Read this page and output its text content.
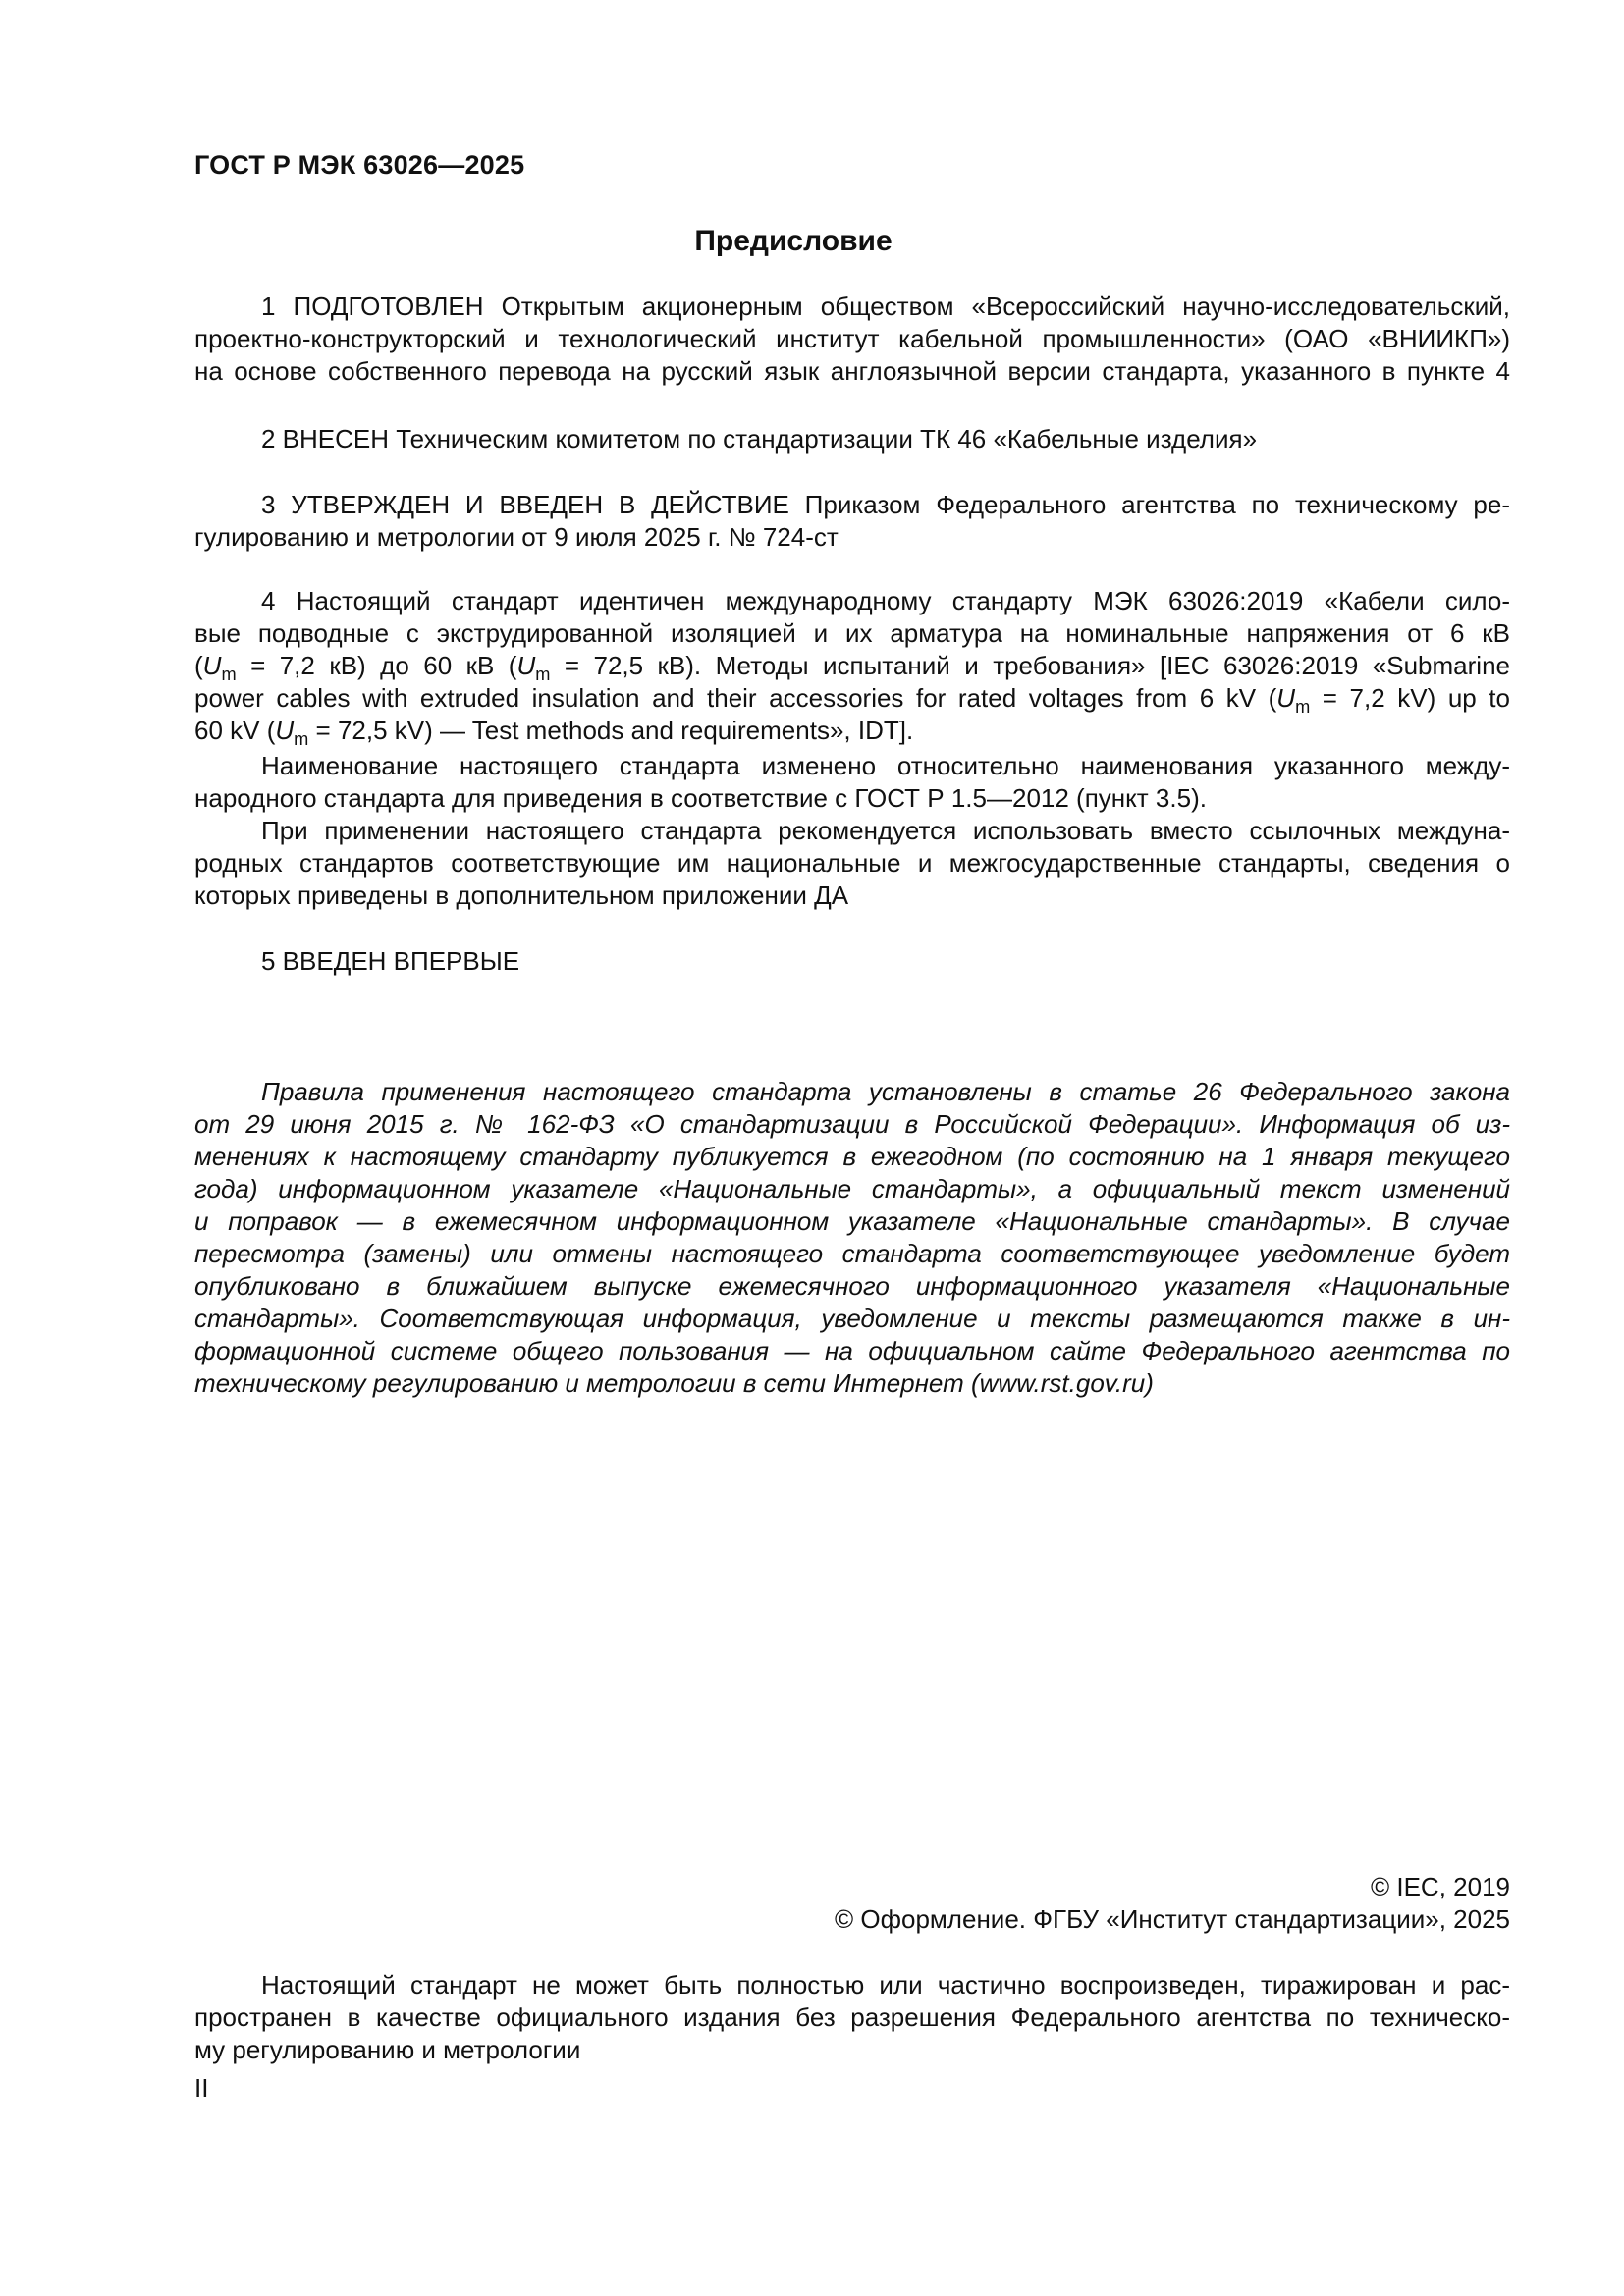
ГОСТ Р МЭК 63026—2025
Предисловие
1 ПОДГОТОВЛЕН Открытым акционерным обществом «Всероссийский научно-исследовательский,
проектно-конструкторский и технологический институт кабельной промышленности» (ОАО «ВНИИКП»)
на основе собственного перевода на русский язык англоязычной версии стандарта, указанного в пункте 4
2 ВНЕСЕН Техническим комитетом по стандартизации ТК 46 «Кабельные изделия»
3 УТВЕРЖДЕН И ВВЕДЕН В ДЕЙСТВИЕ Приказом Федерального агентства по техническому ре-
гулированию и метрологии от 9 июля 2025 г. № 724-ст
4 Настоящий стандарт идентичен международному стандарту МЭК 63026:2019 «Кабели сило-
вые подводные с экструдированной изоляцией и их арматура на номинальные напряжения от 6 кВ
($U_m = 7,2$ кВ) до 60 кВ ($U_m = 72,5$ кВ). Методы испытаний и требования» [IEC 63026:2019 «Submarine
power cables with extruded insulation and their accessories for rated voltages from 6 kV ($U_m = 7,2$ kV) up to
60 kV ($U_m = 72,5$ kV) — Test methods and requirements», IDT].
Наименование настоящего стандарта изменено относительно наименования указанного между-
народного стандарта для приведения в соответствие с ГОСТ Р 1.5—2012 (пункт 3.5).
При применении настоящего стандарта рекомендуется использовать вместо ссылочных междуна-
родных стандартов соответствующие им национальные и межгосударственные стандарты, сведения о
которых приведены в дополнительном приложении ДА
5 ВВЕДЕН ВПЕРВЫЕ
Правила применения настоящего стандарта установлены в статье 26 Федерального закона
от 29 июня 2015 г. № 162-ФЗ «О стандартизации в Российской Федерации». Информация об из-
менениях к настоящему стандарту публикуется в ежегодном (по состоянию на 1 января текущего
года) информационном указателе «Национальные стандарты», а официальный текст изменений
и поправок — в ежемесячном информационном указателе «Национальные стандарты». В случае
пересмотра (замены) или отмены настоящего стандарта соответствующее уведомление будет
опубликовано в ближайшем выпуске ежемесячного информационного указателя «Национальные
стандарты». Соответствующая информация, уведомление и тексты размещаются также в ин-
формационной системе общего пользования — на официальном сайте Федерального агентства по
техническому регулированию и метрологии в сети Интернет (www.rst.gov.ru)
© IEC, 2019
© Оформление. ФГБУ «Институт стандартизации», 2025
Настоящий стандарт не может быть полностью или частично воспроизведен, тиражирован и рас-
пространен в качестве официального издания без разрешения Федерального агентства по техническо-
му регулированию и метрологии
II
